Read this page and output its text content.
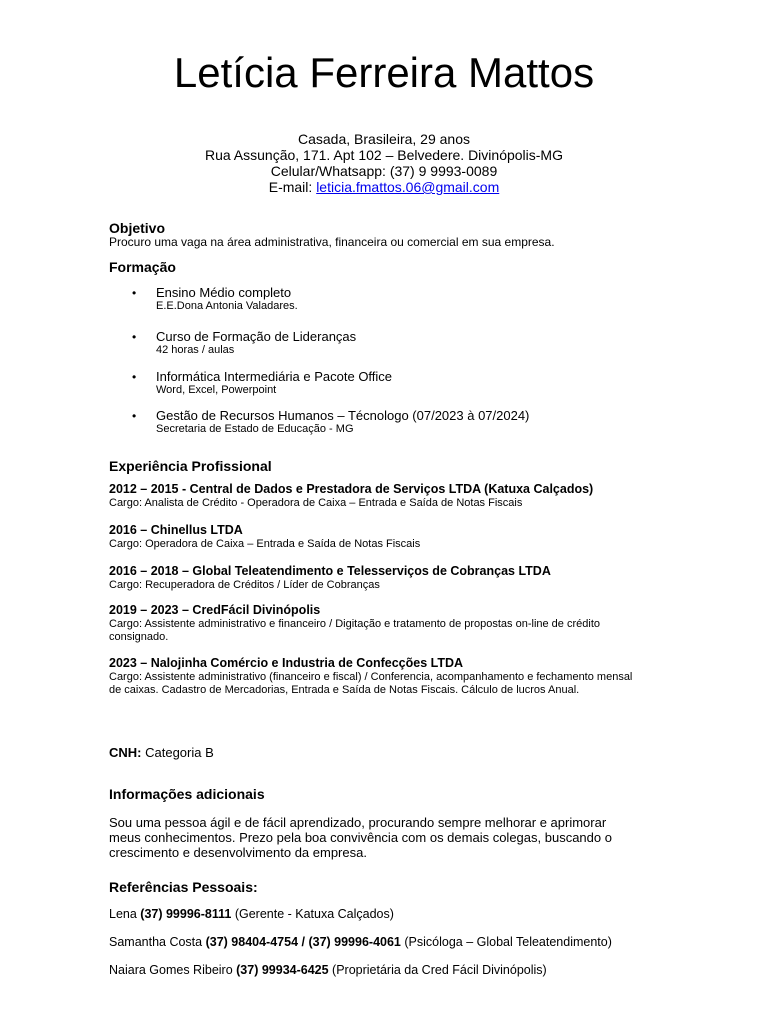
Letícia Ferreira Mattos
Casada, Brasileira, 29 anos
Rua Assunção, 171. Apt 102 – Belvedere. Divinópolis-MG
Celular/Whatsapp: (37) 9 9993-0089
E-mail: leticia.fmattos.06@gmail.com
Objetivo
Procuro uma vaga na área administrativa, financeira ou comercial em sua empresa.
Formação
• Ensino Médio completo
E.E.Dona Antonia Valadares.
• Curso de Formação de Lideranças
42 horas / aulas
• Informática Intermediária e Pacote Office
Word, Excel, Powerpoint
• Gestão de Recursos Humanos – Técnologo (07/2023 à 07/2024)
Secretaria de Estado de Educação - MG
Experiência Profissional
2012 – 2015 - Central de Dados e Prestadora de Serviços LTDA (Katuxa Calçados)
Cargo: Analista de Crédito - Operadora de Caixa – Entrada e Saída de Notas Fiscais
2016 – Chinellus LTDA
Cargo: Operadora de Caixa – Entrada e Saída de Notas Fiscais
2016 – 2018 – Global Teleatendimento e Telesserviços de Cobranças LTDA
Cargo: Recuperadora de Créditos / Líder de Cobranças
2019 – 2023 – CredFácil Divinópolis
Cargo: Assistente administrativo e financeiro / Digitação e tratamento de propostas on-line de crédito consignado.
2023 – Nalojinha Comércio e Industria de Confecções LTDA
Cargo: Assistente administrativo (financeiro e fiscal) / Conferencia, acompanhamento e fechamento mensal de caixas. Cadastro de Mercadorias, Entrada e Saída de Notas Fiscais. Cálculo de lucros Anual.
CNH: Categoria B
Informações adicionais
Sou uma pessoa ágil e de fácil aprendizado, procurando sempre melhorar e aprimorar meus conhecimentos. Prezo pela boa convivência com os demais colegas, buscando o crescimento e desenvolvimento da empresa.
Referências Pessoais:
Lena (37) 99996-8111 (Gerente - Katuxa Calçados)
Samantha Costa (37) 98404-4754 / (37) 99996-4061 (Psicóloga – Global Teleatendimento)
Naiara Gomes Ribeiro (37) 99934-6425 (Proprietária da Cred Fácil Divinópolis)
